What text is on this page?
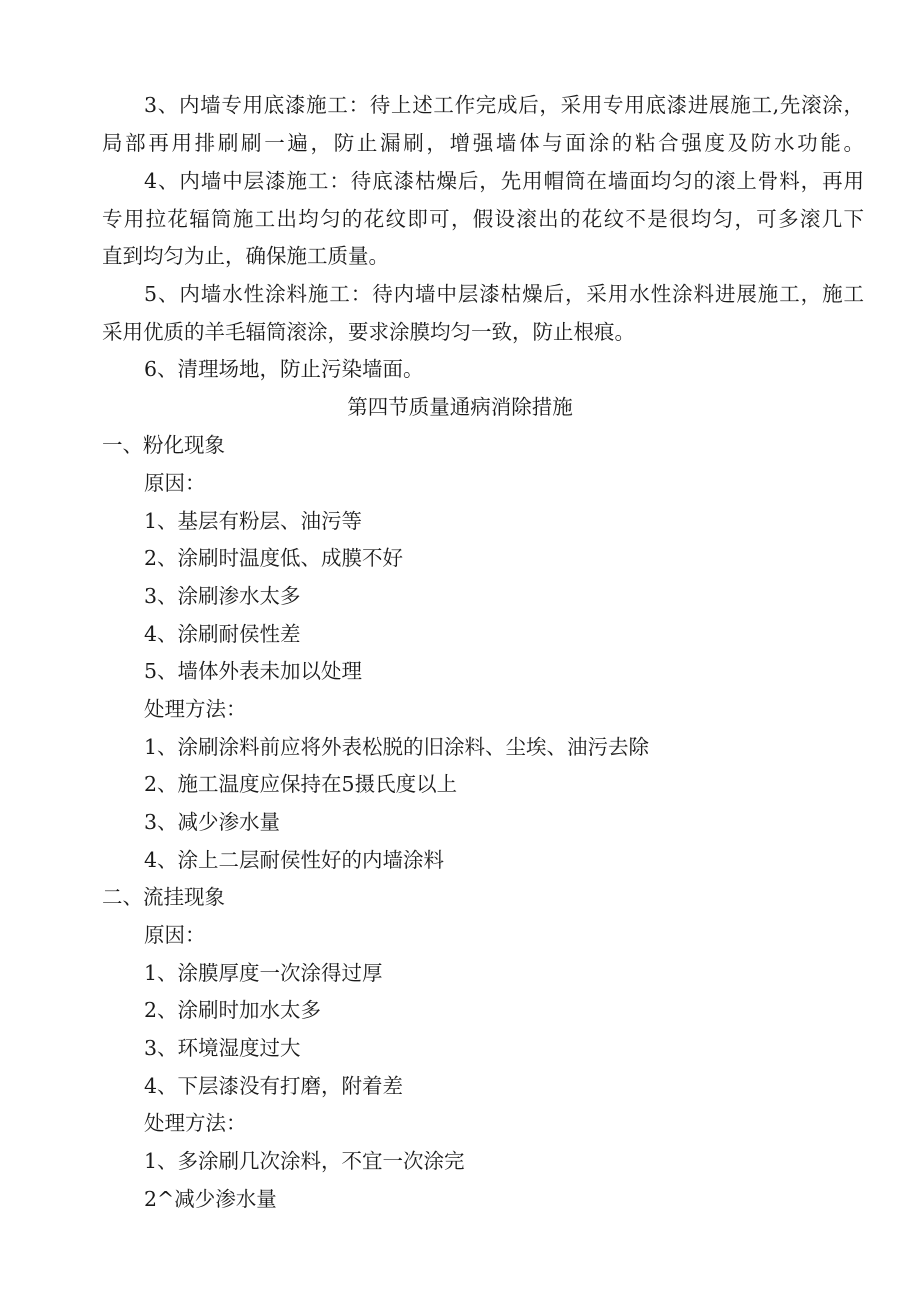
3、内墙专用底漆施工：待上述工作完成后，采用专用底漆进展施工,先滚涂，
局部再用排刷刷一遍，防止漏刷，增强墙体与面涂的粘合强度及防水功能。
4、内墙中层漆施工：待底漆枯燥后，先用帽筒在墙面均匀的滚上骨料，再用
专用拉花辐筒施工出均匀的花纹即可，假设滚出的花纹不是很均匀，可多滚几下
直到均匀为止，确保施工质量。
5、内墙水性涂料施工：待内墙中层漆枯燥后，采用水性涂料进展施工，施工
采用优质的羊毛辐筒滚涂，要求涂膜均匀一致，防止根痕。
6、清理场地，防止污染墙面。
第四节质量通病消除措施
一、粉化现象
原因：
1、基层有粉层、油污等
2、涂刷时温度低、成膜不好
3、涂刷渗水太多
4、涂刷耐侯性差
5、墙体外表未加以处理
处理方法：
1、涂刷涂料前应将外表松脱的旧涂料、尘埃、油污去除
2、施工温度应保持在5摄氏度以上
3、减少渗水量
4、涂上二层耐侯性好的内墙涂料
二、流挂现象
原因：
1、涂膜厚度一次涂得过厚
2、涂刷时加水太多
3、环境湿度过大
4、下层漆没有打磨，附着差
处理方法：
1、多涂刷几次涂料，不宜一次涂完
2^减少渗水量
